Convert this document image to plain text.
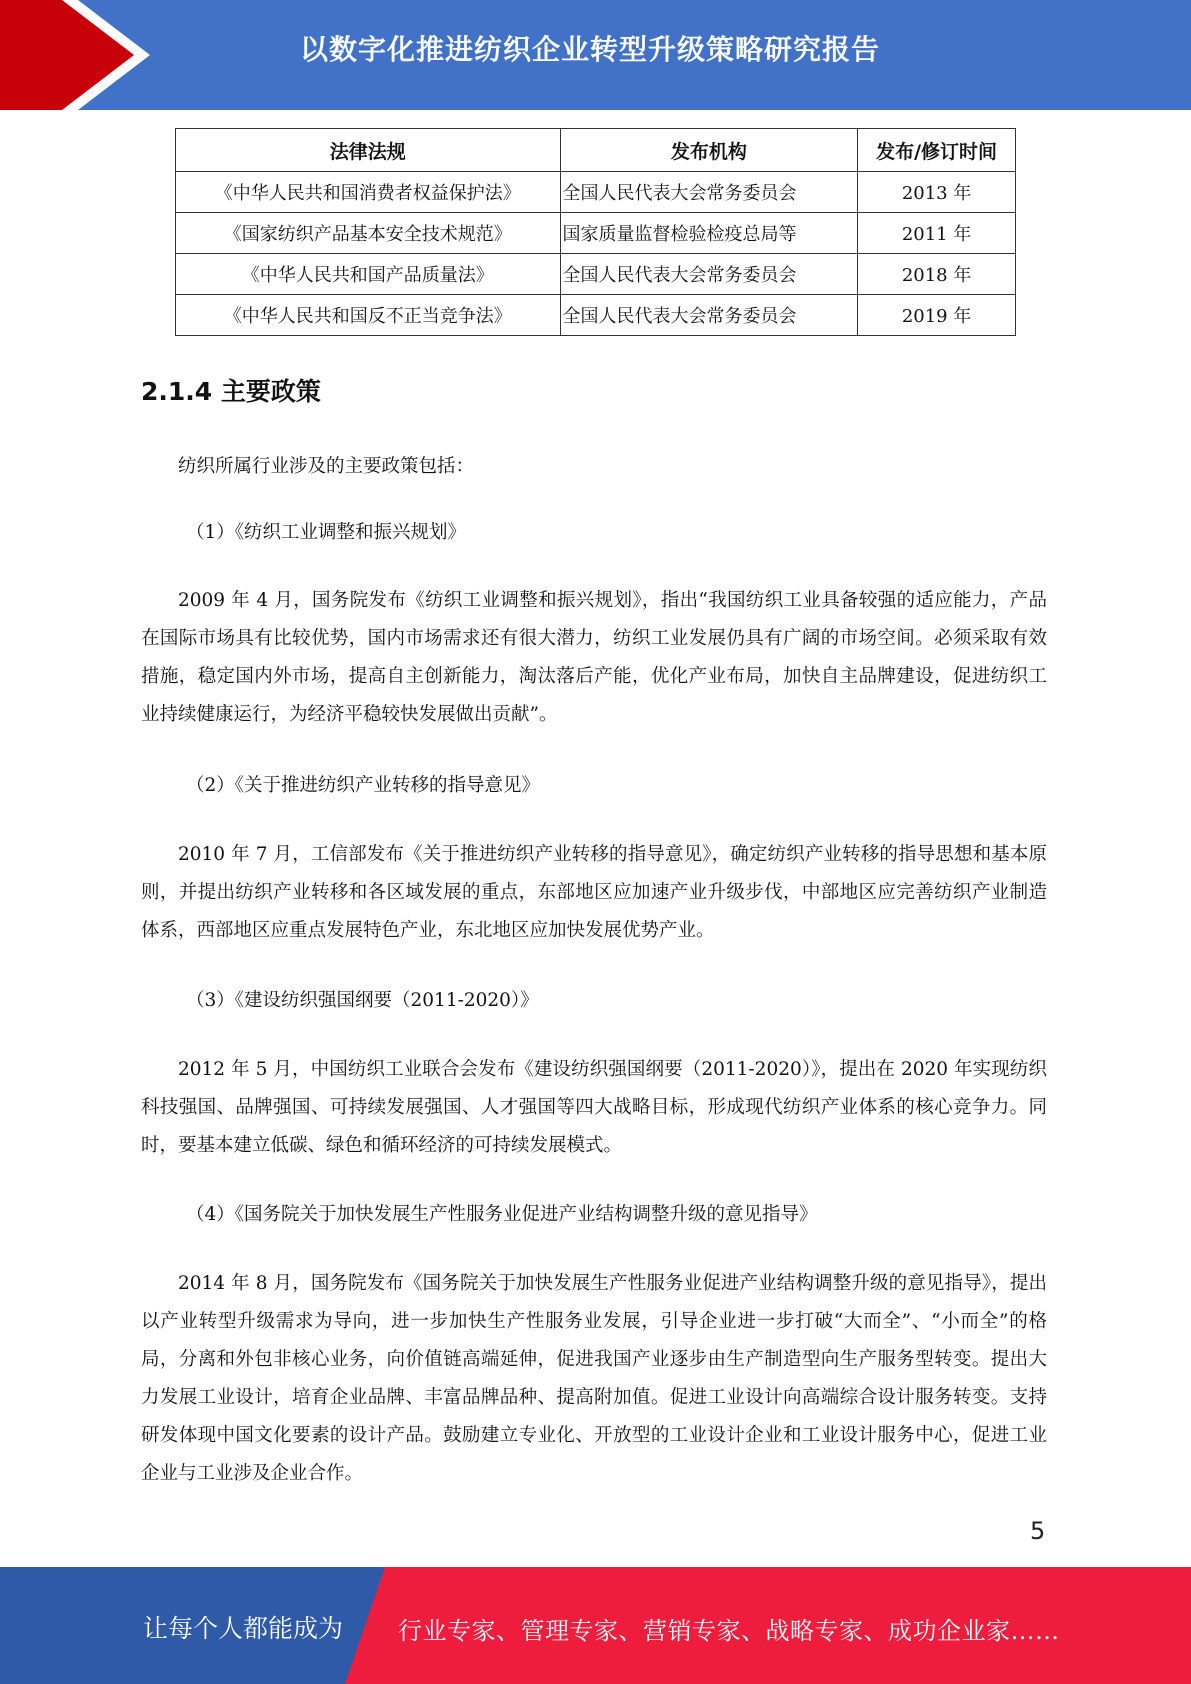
以数字化推进纺织企业转型升级策略研究报告
法律法规	发布机构	发布/修订时间
《中华人民共和国消费者权益保护法》	全国人民代表大会常务委员会	2013 年
《国家纺织产品基本安全技术规范》	国家质量监督检验检疫总局等	2011 年
《中华人民共和国产品质量法》	全国人民代表大会常务委员会	2018 年
《中华人民共和国反不正当竞争法》	全国人民代表大会常务委员会	2019 年
2.1.4 主要政策

纺织所属行业涉及的主要政策包括：

（1）《纺织工业调整和振兴规划》

2009 年 4 月，国务院发布《纺织工业调整和振兴规划》，指出“我国纺织工业具备较强的适应能力，产品在国际市场具有比较优势，国内市场需求还有很大潜力，纺织工业发展仍具有广阔的市场空间。必须采取有效措施，稳定国内外市场，提高自主创新能力，淘汰落后产能，优化产业布局，加快自主品牌建设，促进纺织工业持续健康运行，为经济平稳较快发展做出贡献”。

（2）《关于推进纺织产业转移的指导意见》

2010 年 7 月，工信部发布《关于推进纺织产业转移的指导意见》，确定纺织产业转移的指导思想和基本原则，并提出纺织产业转移和各区域发展的重点，东部地区应加速产业升级步伐，中部地区应完善纺织产业制造体系，西部地区应重点发展特色产业，东北地区应加快发展优势产业。

（3）《建设纺织强国纲要（2011-2020）》

2012 年 5 月，中国纺织工业联合会发布《建设纺织强国纲要（2011-2020）》，提出在 2020 年实现纺织科技强国、品牌强国、可持续发展强国、人才强国等四大战略目标，形成现代纺织产业体系的核心竞争力。同时，要基本建立低碳、绿色和循环经济的可持续发展模式。

（4）《国务院关于加快发展生产性服务业促进产业结构调整升级的意见指导》

2014 年 8 月，国务院发布《国务院关于加快发展生产性服务业促进产业结构调整升级的意见指导》，提出以产业转型升级需求为导向，进一步加快生产性服务业发展，引导企业进一步打破“大而全”、“小而全”的格局，分离和外包非核心业务，向价值链高端延伸，促进我国产业逐步由生产制造型向生产服务型转变。提出大力发展工业设计，培育企业品牌、丰富品牌品种、提高附加值。促进工业设计向高端综合设计服务转变。支持研发体现中国文化要素的设计产品。鼓励建立专业化、开放型的工业设计企业和工业设计服务中心，促进工业企业与工业涉及企业合作。

5
让每个人都能成为 行业专家、管理专家、营销专家、战略专家、成功企业家……
